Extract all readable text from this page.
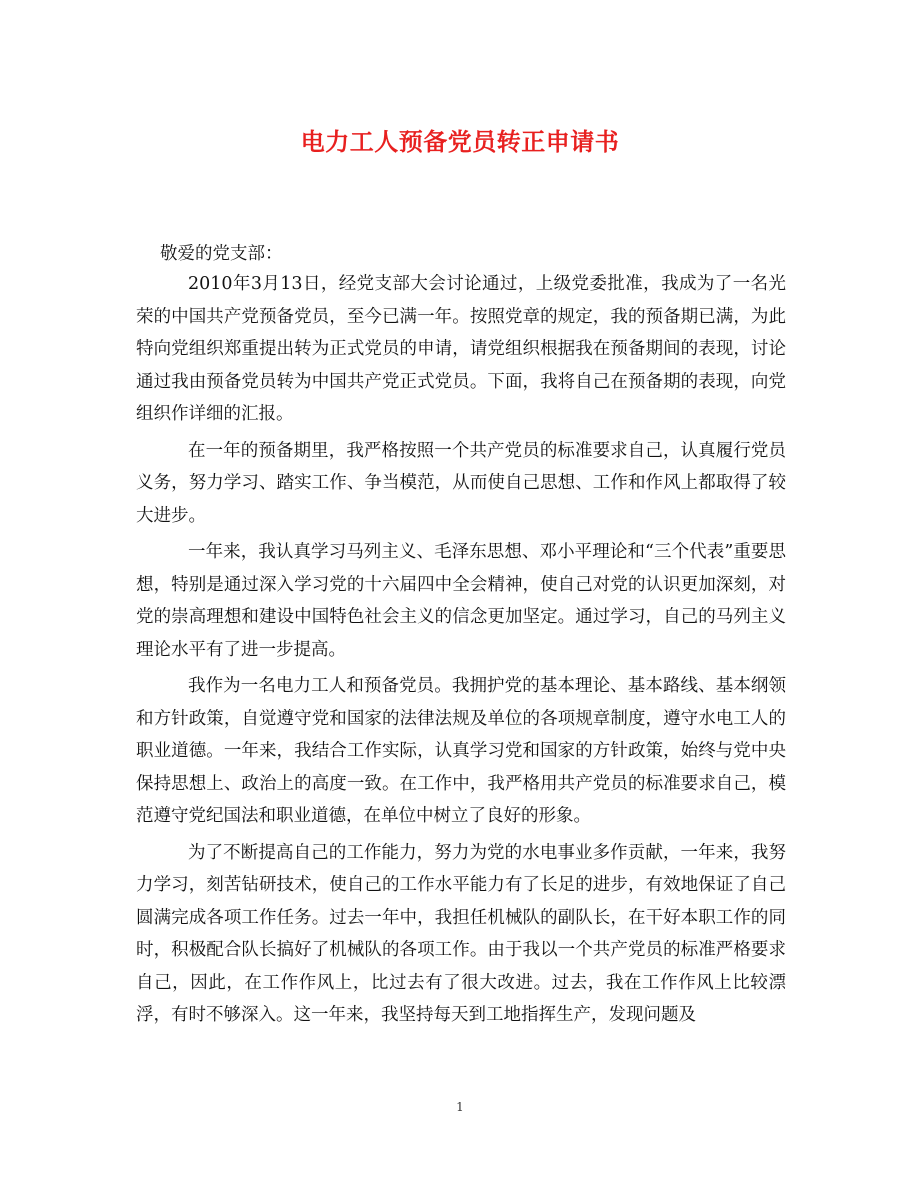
电力工人预备党员转正申请书
敬爱的党支部：

2010年3月13日，经党支部大会讨论通过，上级党委批准，我成为了一名光荣的中国共产党预备党员，至今已满一年。按照党章的规定，我的预备期已满，为此特向党组织郑重提出转为正式党员的申请，请党组织根据我在预备期间的表现，讨论通过我由预备党员转为中国共产党正式党员。下面，我将自己在预备期的表现，向党组织作详细的汇报。

在一年的预备期里，我严格按照一个共产党员的标准要求自己，认真履行党员义务，努力学习、踏实工作、争当模范，从而使自己思想、工作和作风上都取得了较大进步。

一年来，我认真学习马列主义、毛泽东思想、邓小平理论和“三个代表”重要思想，特别是通过深入学习党的十六届四中全会精神，使自己对党的认识更加深刻，对党的崇高理想和建设中国特色社会主义的信念更加坚定。通过学习，自己的马列主义理论水平有了进一步提高。

我作为一名电力工人和预备党员。我拥护党的基本理论、基本路线、基本纲领和方针政策，自觉遵守党和国家的法律法规及单位的各项规章制度，遵守水电工人的职业道德。一年来，我结合工作实际，认真学习党和国家的方针政策，始终与党中央保持思想上、政治上的高度一致。在工作中，我严格用共产党员的标准要求自己，模范遵守党纪国法和职业道德，在单位中树立了良好的形象。

为了不断提高自己的工作能力，努力为党的水电事业多作贡献，一年来，我努力学习，刻苦钻研技术，使自己的工作水平能力有了长足的进步，有效地保证了自己圆满完成各项工作任务。过去一年中，我担任机械队的副队长，在干好本职工作的同时，积极配合队长搞好了机械队的各项工作。由于我以一个共产党员的标准严格要求自己，因此，在工作作风上，比过去有了很大改进。过去，我在工作作风上比较漂浮，有时不够深入。这一年来，我坚持每天到工地指挥生产，发现问题及

1
